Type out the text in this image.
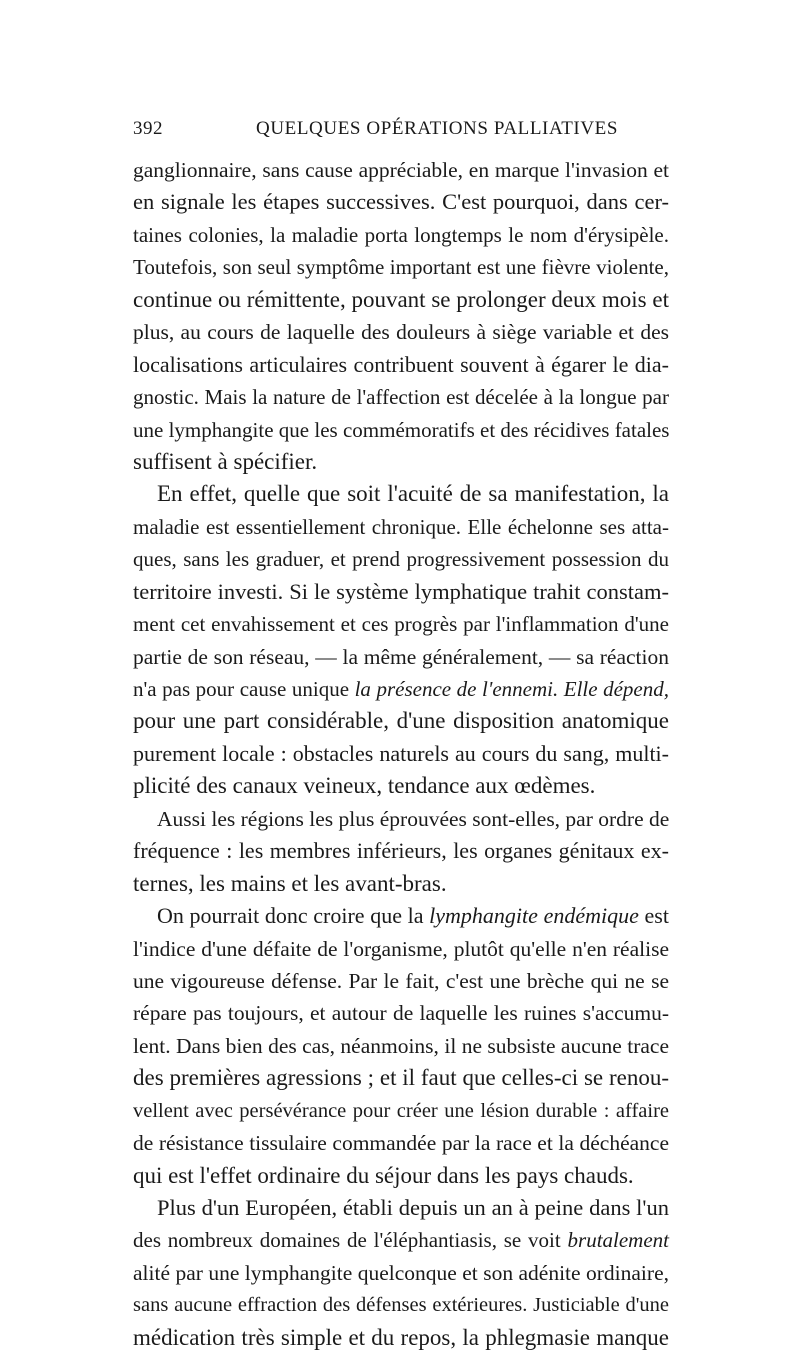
392	QUELQUES OPÉRATIONS PALLIATIVES
ganglionnaire, sans cause appréciable, en marque l'invasion et
en signale les étapes successives. C'est pourquoi, dans cer-
taines colonies, la maladie porta longtemps le nom d'érysipèle.
Toutefois, son seul symptôme important est une fièvre violente,
continue ou rémittente, pouvant se prolonger deux mois et
plus, au cours de laquelle des douleurs à siège variable et des
localisations articulaires contribuent souvent à égarer le dia-
gnostic. Mais la nature de l'affection est décelée à la longue par
une lymphangite que les commémoratifs et des récidives fatales
suffisent à spécifier.
En effet, quelle que soit l'acuité de sa manifestation, la
maladie est essentiellement chronique. Elle échelonne ses atta-
ques, sans les graduer, et prend progressivement possession du
territoire investi. Si le système lymphatique trahit constam-
ment cet envahissement et ces progrès par l'inflammation d'une
partie de son réseau, — la même généralement, — sa réaction
n'a pas pour cause unique la présence de l'ennemi. Elle dépend,
pour une part considérable, d'une disposition anatomique
purement locale : obstacles naturels au cours du sang, multi-
plicité des canaux veineux, tendance aux œdèmes.
Aussi les régions les plus éprouvées sont-elles, par ordre de
fréquence : les membres inférieurs, les organes génitaux ex-
ternes, les mains et les avant-bras.
On pourrait donc croire que la lymphangite endémique est
l'indice d'une défaite de l'organisme, plutôt qu'elle n'en réalise
une vigoureuse défense. Par le fait, c'est une brèche qui ne se
répare pas toujours, et autour de laquelle les ruines s'accumu-
lent. Dans bien des cas, néanmoins, il ne subsiste aucune trace
des premières agressions ; et il faut que celles-ci se renou-
vellent avec persévérance pour créer une lésion durable : affaire
de résistance tissulaire commandée par la race et la déchéance
qui est l'effet ordinaire du séjour dans les pays chauds.
Plus d'un Européen, établi depuis un an à peine dans l'un
des nombreux domaines de l'éléphantiasis, se voit brutalement
alité par une lymphangite quelconque et son adénite ordinaire,
sans aucune effraction des défenses extérieures. Justiciable d'une
médication très simple et du repos, la phlegmasie manque
